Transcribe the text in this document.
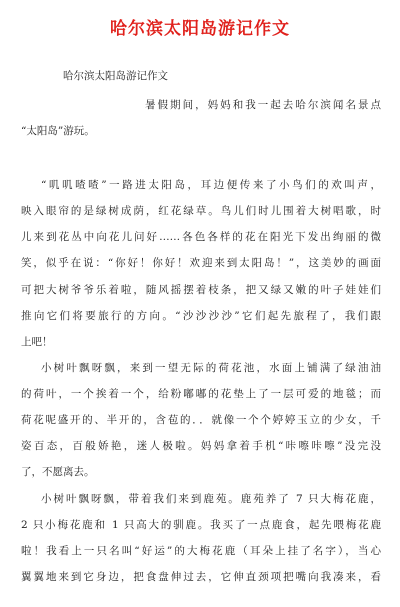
哈尔滨太阳岛游记作文
哈尔滨太阳岛游记作文
暑假期间，妈妈和我一起去哈尔滨闻名景点
“太阳岛”游玩。
“叽叽喳喳”一路进太阳岛，耳边便传来了小鸟们的欢叫声，
映入眼帘的是绿树成荫，红花绿草。鸟儿们时儿围着大树唱歌，时
儿来到花丛中向花儿问好……各色各样的花在阳光下发出绚丽的微
笑，似乎在说：“你好！你好！欢迎来到太阳岛！”，这美妙的画面
可把大树爷爷乐着啦，随风摇摆着枝条，把又绿又嫩的叶子娃娃们
推向它们将要旅行的方向。“沙沙沙沙”它们起先旅程了，我们跟
上吧！
小树叶飘呀飘，来到一望无际的荷花池，水面上铺满了绿油油
的荷叶，一个挨着一个，给粉嘟嘟的花垫上了一层可爱的地毯；而
荷花呢盛开的、半开的，含苞的．．就像一个个婷婷玉立的少女，千
姿百态，百般娇艳，迷人极啦。妈妈拿着手机“咔嚓咔嚓”没完没
了，不愿离去。
小树叶飘呀飘，带着我们来到鹿苑。鹿苑养了 7 只大梅花鹿，
2 只小梅花鹿和 1 只高大的驯鹿。我买了一点鹿食，起先喂梅花鹿
啦！我看上一只名叫“好运”的大梅花鹿（耳朵上挂了名字），当心
翼翼地来到它身边，把食盘伸过去，它伸直颈项把嘴向我凑来，看
